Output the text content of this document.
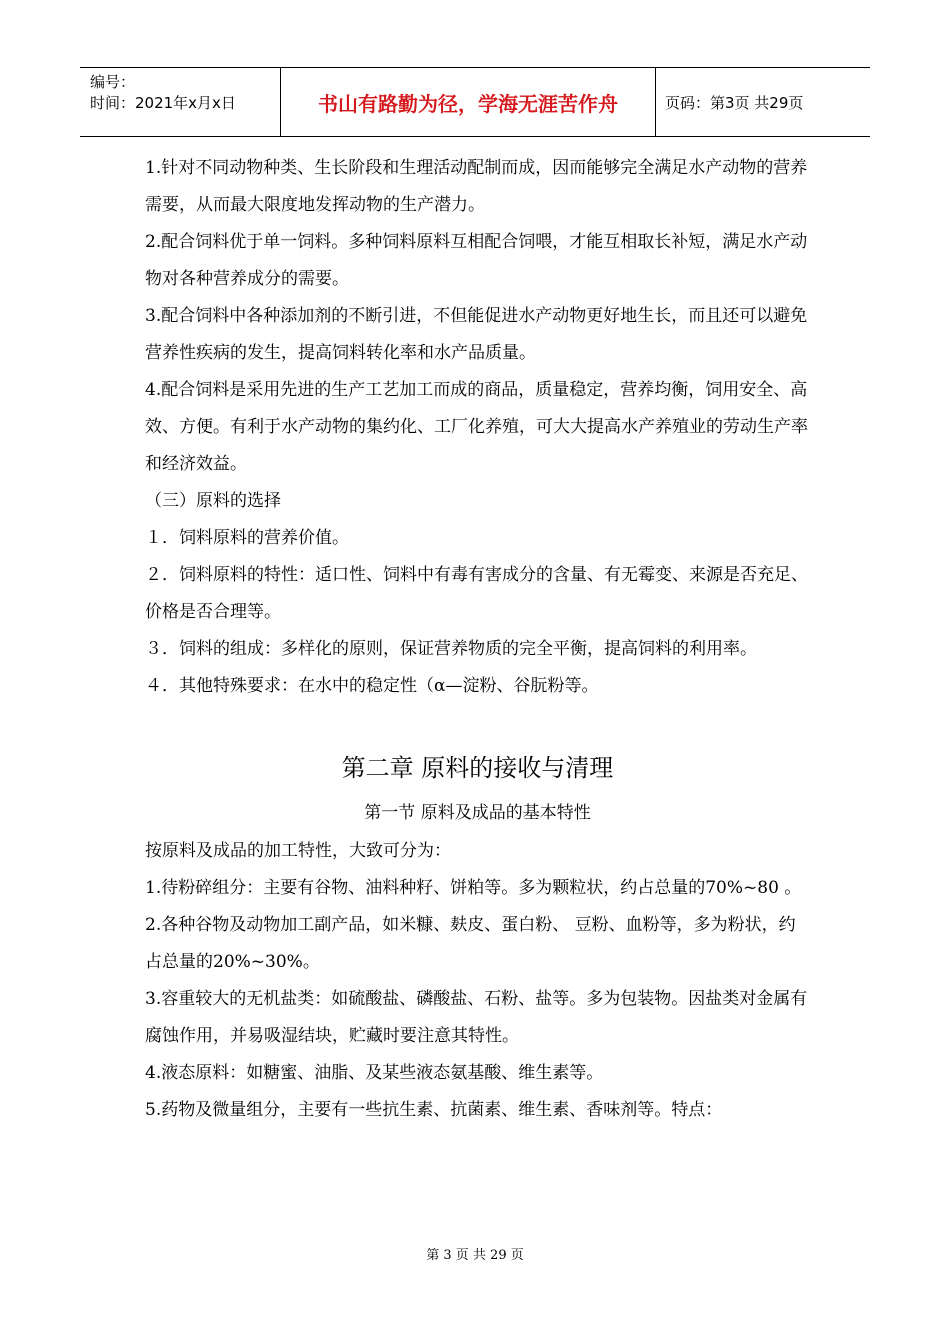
编号：
时间：2021年x月x日	书山有路勤为径，学海无涯苦作舟	页码：第3页 共29页

1.针对不同动物种类、生长阶段和生理活动配制而成，因而能够完全满足水产动物的营养需要，从而最大限度地发挥动物的生产潜力。

2.配合饲料优于单一饲料。多种饲料原料互相配合饲喂，才能互相取长补短，满足水产动物对各种营养成分的需要。

3.配合饲料中各种添加剂的不断引进，不但能促进水产动物更好地生长，而且还可以避免营养性疾病的发生，提高饲料转化率和水产品质量。

4.配合饲料是采用先进的生产工艺加工而成的商品，质量稳定，营养均衡，饲用安全、高效、方便。有利于水产动物的集约化、工厂化养殖，可大大提高水产养殖业的劳动生产率和经济效益。

（三）原料的选择

１．饲料原料的营养价值。

２．饲料原料的特性：适口性、饲料中有毒有害成分的含量、有无霉变、来源是否充足、价格是否合理等。

３．饲料的组成：多样化的原则，保证营养物质的完全平衡，提高饲料的利用率。

４．其他特殊要求：在水中的稳定性（α—淀粉、谷朊粉等。

第二章 原料的接收与清理
第一节 原料及成品的基本特性

按原料及成品的加工特性，大致可分为：

1.待粉碎组分：主要有谷物、油料种籽、饼粕等。多为颗粒状，约占总量的70%~80 。

2.各种谷物及动物加工副产品，如米糠、麸皮、蛋白粉、 豆粉、血粉等，多为粉状，约占总量的20%~30%。

3.容重较大的无机盐类：如硫酸盐、磷酸盐、石粉、盐等。多为包装物。因盐类对金属有腐蚀作用，并易吸湿结块，贮藏时要注意其特性。

4.液态原料：如糖蜜、油脂、及某些液态氨基酸、维生素等。

5.药物及微量组分，主要有一些抗生素、抗菌素、维生素、香味剂等。特点：

第 3 页 共 29 页
